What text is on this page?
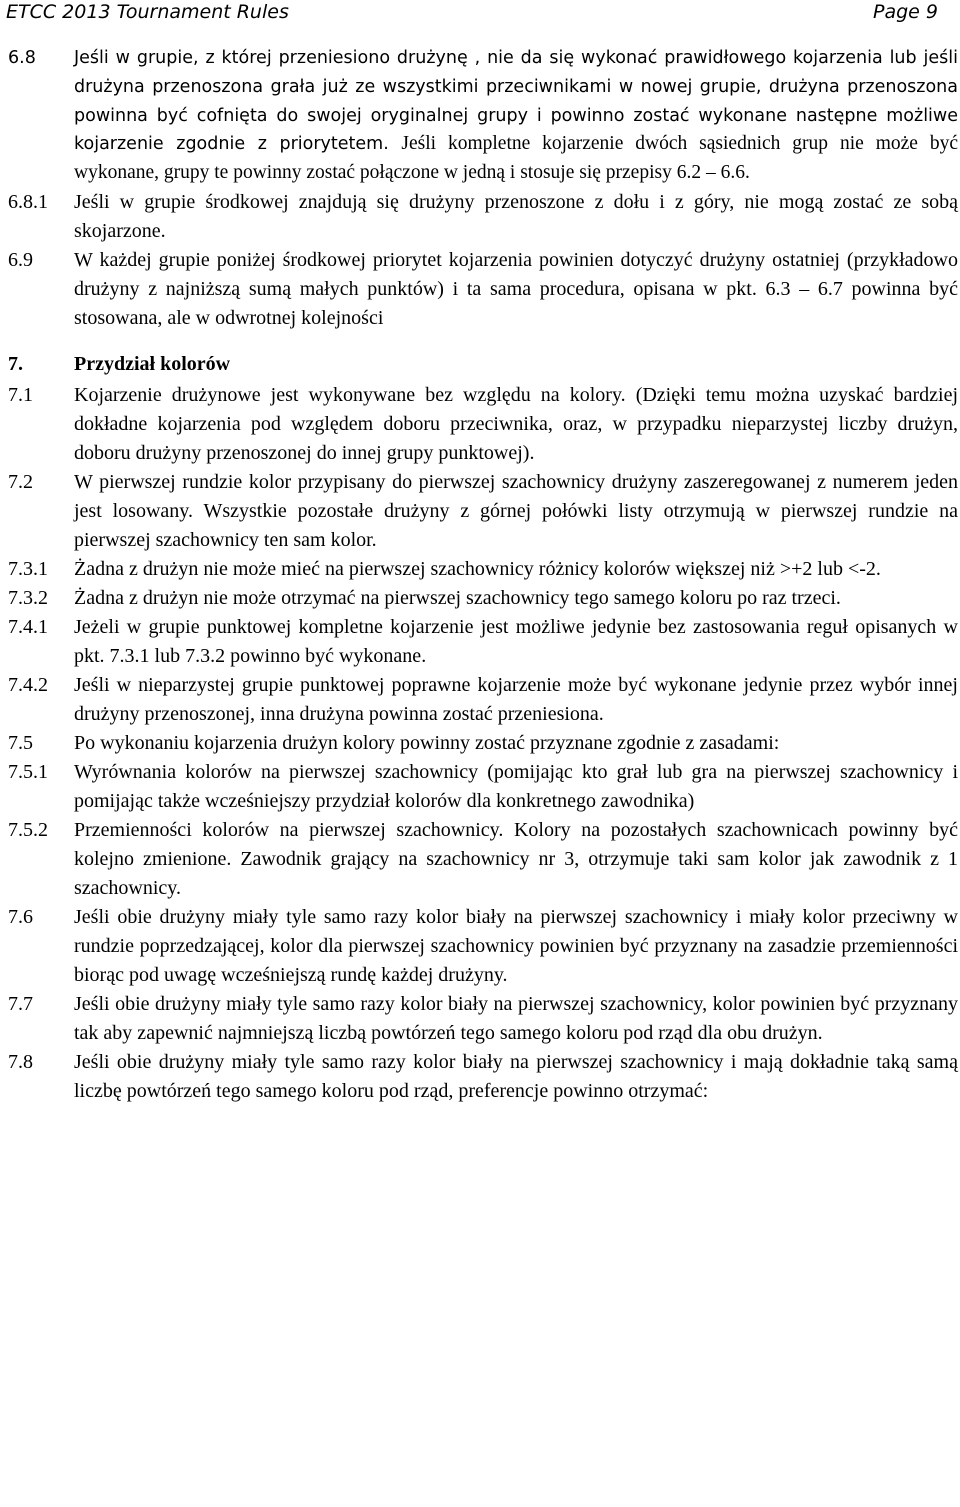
ETCC 2013 Tournament Rules	Page 9
6.8	Jeśli w grupie, z której przeniesiono drużynę , nie da się wykonać prawidłowego kojarzenia lub jeśli drużyna przenoszona grała już ze wszystkimi przeciwnikami w nowej grupie, drużyna przenoszona powinna być cofnięta do swojej oryginalnej grupy i powinno zostać wykonane następne możliwe kojarzenie zgodnie z priorytetem. Jeśli kompletne kojarzenie dwóch sąsiednich grup nie może być wykonane, grupy te powinny zostać połączone w jedną i stosuje się przepisy 6.2 – 6.6.
6.8.1	Jeśli w grupie środkowej znajdują się drużyny przenoszone z dołu i z góry, nie mogą zostać ze sobą skojarzone.
6.9	W każdej grupie poniżej środkowej priorytet kojarzenia powinien dotyczyć drużyny ostatniej (przykładowo drużyny z najniższą sumą małych punktów) i ta sama procedura, opisana w pkt. 6.3 – 6.7 powinna być stosowana, ale w odwrotnej kolejności
7.	Przydział kolorów
7.1	Kojarzenie drużynowe jest wykonywane bez względu na kolory. (Dzięki temu można uzyskać bardziej dokładne kojarzenia pod względem doboru przeciwnika, oraz, w przypadku nieparzystej liczby drużyn, doboru drużyny przenoszonej do innej grupy punktowej).
7.2	W pierwszej rundzie kolor przypisany do pierwszej szachownicy drużyny zaszeregowanej z numerem jeden jest losowany. Wszystkie pozostałe drużyny z górnej połówki listy otrzymują w pierwszej rundzie na pierwszej szachownicy ten sam kolor.
7.3.1	Żadna z drużyn nie może mieć na pierwszej szachownicy różnicy kolorów większej niż >+2 lub <-2.
7.3.2	Żadna z drużyn nie może otrzymać na pierwszej szachownicy tego samego koloru po raz trzeci.
7.4.1	Jeżeli w grupie punktowej kompletne kojarzenie jest możliwe jedynie bez zastosowania reguł opisanych w pkt. 7.3.1 lub 7.3.2 powinno być wykonane.
7.4.2	Jeśli w nieparzystej grupie punktowej poprawne kojarzenie może być wykonane jedynie przez wybór innej drużyny przenoszonej, inna drużyna powinna zostać przeniesiona.
7.5	Po wykonaniu kojarzenia drużyn kolory powinny zostać przyznane zgodnie z zasadami:
7.5.1	Wyrównania kolorów na pierwszej szachownicy (pomijając kto grał lub gra na pierwszej szachownicy i pomijając także wcześniejszy przydział kolorów dla konkretnego zawodnika)
7.5.2	Przemienności kolorów na pierwszej szachownicy. Kolory na pozostałych szachownicach powinny być kolejno zmienione. Zawodnik grający na szachownicy nr 3, otrzymuje taki sam kolor jak zawodnik z 1 szachownicy.
7.6	Jeśli obie drużyny miały tyle samo razy kolor biały na pierwszej szachownicy i miały kolor przeciwny w rundzie poprzedzającej, kolor dla pierwszej szachownicy powinien być przyznany na zasadzie przemienności biorąc pod uwagę wcześniejszą rundę każdej drużyny.
7.7	Jeśli obie drużyny miały tyle samo razy kolor biały na pierwszej szachownicy, kolor powinien być przyznany tak aby zapewnić najmniejszą liczbą powtórzeń tego samego koloru pod rząd dla obu drużyn.
7.8	Jeśli obie drużyny miały tyle samo razy kolor biały na pierwszej szachownicy i mają dokładnie taką samą liczbę powtórzeń tego samego koloru pod rząd, preferencje powinno otrzymać:
